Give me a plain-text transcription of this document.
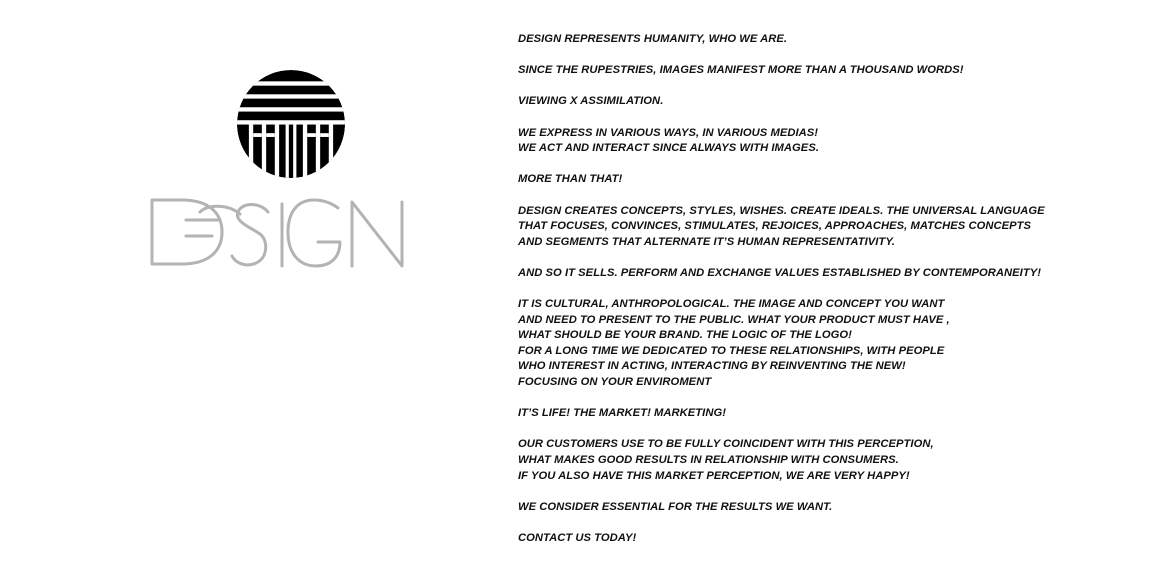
DESIGN REPRESENTS HUMANITY, WHO WE ARE.

SINCE THE RUPESTRIES, IMAGES MANIFEST MORE THAN A THOUSAND WORDS!

VIEWING X ASSIMILATION.

WE EXPRESS IN VARIOUS WAYS, IN VARIOUS MEDIAS!
WE ACT AND INTERACT SINCE ALWAYS WITH IMAGES.

MORE THAN THAT!

DESIGN CREATES CONCEPTS, STYLES, WISHES. CREATE IDEALS. THE UNIVERSAL LANGUAGE
THAT FOCUSES, CONVINCES, STIMULATES, REJOICES, APPROACHES, MATCHES CONCEPTS
AND SEGMENTS THAT ALTERNATE IT’S HUMAN REPRESENTATIVITY.

AND SO IT SELLS. PERFORM AND EXCHANGE VALUES ESTABLISHED BY CONTEMPORANEITY!

IT IS CULTURAL, ANTHROPOLOGICAL. THE IMAGE AND CONCEPT YOU WANT
AND NEED TO PRESENT TO THE PUBLIC. WHAT YOUR PRODUCT MUST HAVE ,
WHAT SHOULD BE YOUR BRAND. THE LOGIC OF THE LOGO!
FOR A LONG TIME WE DEDICATED TO THESE RELATIONSHIPS, WITH PEOPLE
WHO INTEREST IN ACTING, INTERACTING BY REINVENTING THE NEW!
FOCUSING ON YOUR ENVIROMENT

IT’S LIFE! THE MARKET! MARKETING!

OUR CUSTOMERS USE TO BE FULLY COINCIDENT WITH THIS PERCEPTION,
WHAT MAKES GOOD RESULTS IN RELATIONSHIP WITH CONSUMERS.
IF YOU ALSO HAVE THIS MARKET PERCEPTION, WE ARE VERY HAPPY!

WE CONSIDER ESSENTIAL FOR THE RESULTS WE WANT.

CONTACT US TODAY!
